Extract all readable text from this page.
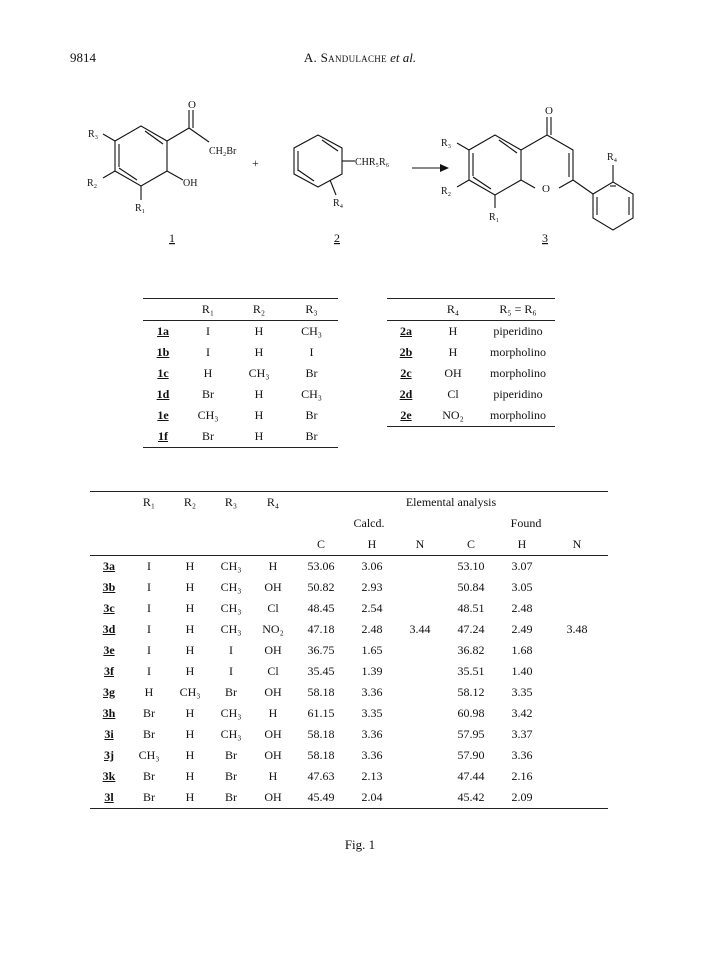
9814	A. Sandulache et al.
O
CH₂Br
OH
R₃
R₂
R₁
+	CHR₅R₆
R₄
O
O
R₄
R₃
R₂
R₁
1	2	3
	R₁	R₂	R₃
1a	I	H	CH₃
1b	I	H	I
1c	H	CH₃	Br
1d	Br	H	CH₃
1e	CH₃	H	Br
1f	Br	H	Br
	R₄	R₅ = R₆
2a	H	piperidino
2b	H	morpholino
2c	OH	morpholino
2d	Cl	piperidino
2e	NO₂	morpholino
	R₁	R₂	R₃	R₄	Elemental analysis					
					Calcd.			Found		
					C	H	N	C	H	N
3a	I	H	CH₃	H	53.06	3.06		53.10	3.07	
3b	I	H	CH₃	OH	50.82	2.93		50.84	3.05	
3c	I	H	CH₃	Cl	48.45	2.54		48.51	2.48	
3d	I	H	CH₃	NO₂	47.18	2.48	3.44	47.24	2.49	3.48
3e	I	H	I	OH	36.75	1.65		36.82	1.68	
3f	I	H	I	Cl	35.45	1.39		35.51	1.40	
3g	H	CH₃	Br	OH	58.18	3.36		58.12	3.35	
3h	Br	H	CH₃	H	61.15	3.35		60.98	3.42	
3i	Br	H	CH₃	OH	58.18	3.36		57.95	3.37	
3j	CH₃	H	Br	OH	58.18	3.36		57.90	3.36	
3k	Br	H	Br	H	47.63	2.13		47.44	2.16	
3l	Br	H	Br	OH	45.49	2.04		45.42	2.09	
Fig. 1
